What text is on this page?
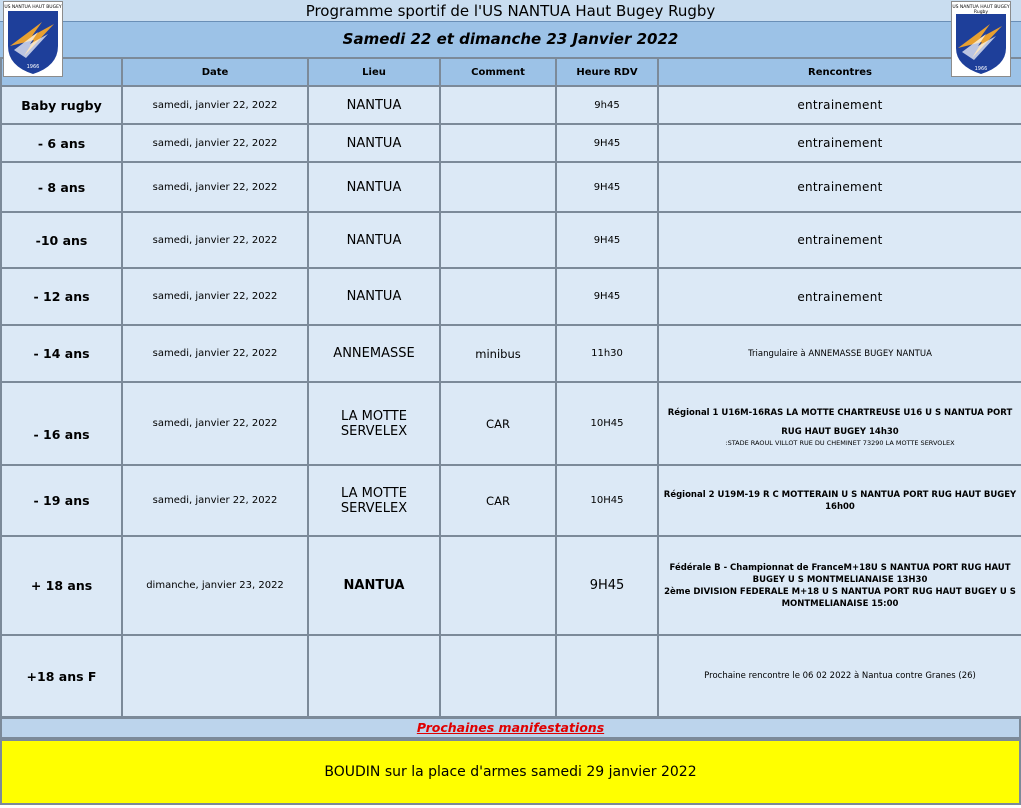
Programme sportif de l'US NANTUA Haut Bugey Rugby
Samedi 22 et dimanche 23 Janvier 2022
US NANTUA HAUT BUGEY
1966
US NANTUA HAUT BUGEY
Rugby
1966
	Date	Lieu	Comment	Heure RDV	Rencontres
Baby rugby	samedi, janvier 22, 2022	NANTUA		9h45	entrainement
- 6 ans	samedi, janvier 22, 2022	NANTUA		9H45	entrainement
- 8 ans	samedi, janvier 22, 2022	NANTUA		9H45	entrainement
-10 ans	samedi, janvier 22, 2022	NANTUA		9H45	entrainement
- 12 ans	samedi, janvier 22, 2022	NANTUA		9H45	entrainement
- 14 ans	samedi, janvier 22, 2022	ANNEMASSE	minibus	11h30	Triangulaire à ANNEMASSE BUGEY NANTUA
- 16 ans	samedi, janvier 22, 2022	LA MOTTE SERVELEX	CAR	10H45	Régional 1 U16M-16RAS LA MOTTE CHARTREUSE U16 U S NANTUA PORT RUG HAUT BUGEY 14h30
:STADE RAOUL VILLOT RUE DU CHEMINET 73290 LA MOTTE SERVOLEX

- 19 ans	samedi, janvier 22, 2022	LA MOTTE SERVELEX	CAR	10H45	Régional 2 U19M-19 R C MOTTERAIN U S NANTUA PORT RUG HAUT BUGEY 16h00
+ 18 ans	dimanche, janvier 23, 2022	NANTUA		9H45	Fédérale B - Championnat de FranceM+18U S NANTUA PORT RUG HAUT BUGEY U S MONTMELIANAISE 13H30
2ème DIVISION FEDERALE M+18 U S NANTUA PORT RUG HAUT BUGEY U S MONTMELIANAISE 15:00

+18 ans F					Prochaine rencontre le 06 02 2022 à Nantua contre Granes (26)
Prochaines manifestations
BOUDIN sur la place d'armes samedi 29 janvier 2022
